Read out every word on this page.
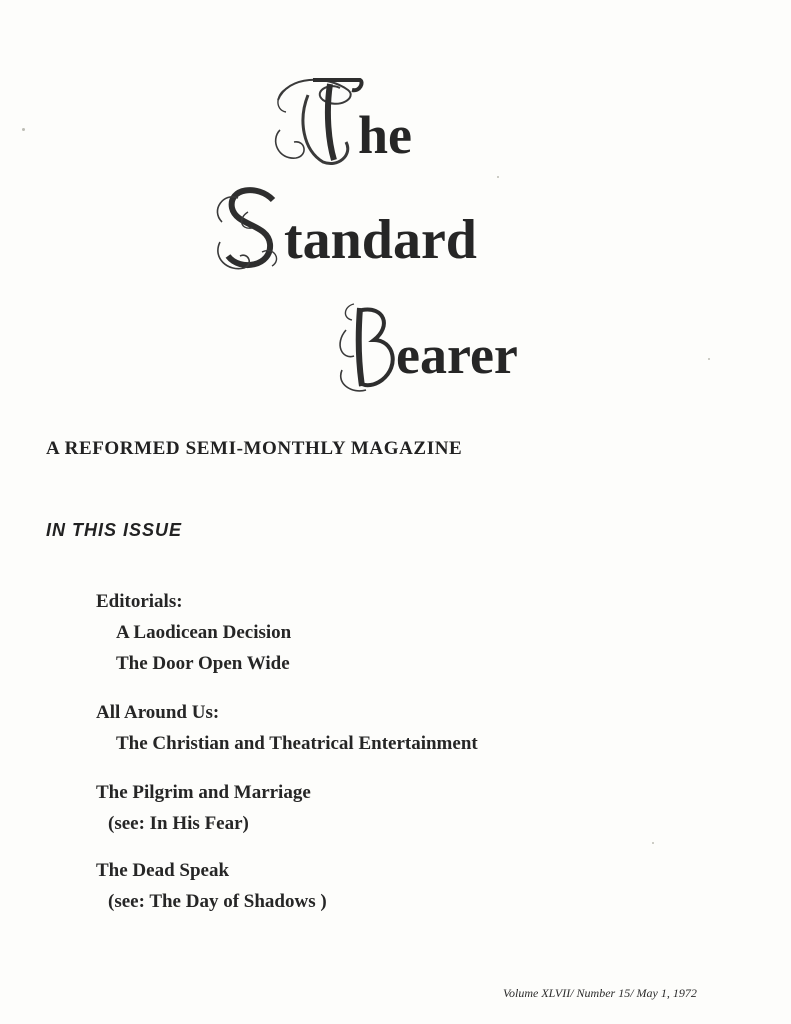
he
tandard
earer
A REFORMED SEMI-MONTHLY MAGAZINE
IN THIS ISSUE
Editorials:
A Laodicean Decision
The Door Open Wide
All Around Us:
The Christian and Theatrical Entertainment
The Pilgrim and Marriage
(see: In His Fear)
The Dead Speak
(see: The Day of Shadows )
Volume XLVII/ Number 15/ May 1, 1972
